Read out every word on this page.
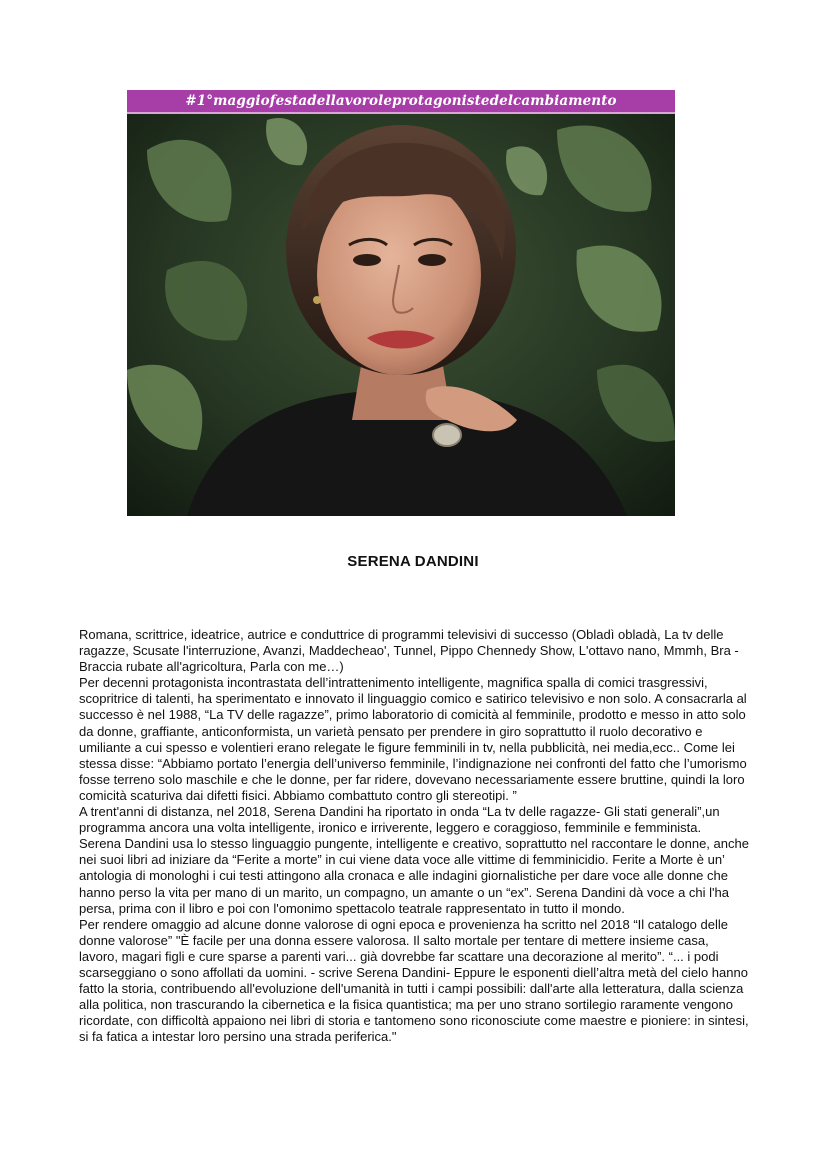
#1°maggiofestadellavoroleprotagonistedelcambiamento
SERENA DANDINI

Romana, scrittrice, ideatrice, autrice e conduttrice di programmi televisivi di successo (Obladì obladà, La tv delle ragazze, Scusate l'interruzione, Avanzi, Maddecheao', Tunnel, Pippo Chennedy Show, L'ottavo nano, Mmmh, Bra - Braccia rubate all'agricoltura, Parla con me…)

Per decenni protagonista incontrastata dell’intrattenimento intelligente, magnifica spalla di comici trasgressivi, scopritrice di talenti, ha sperimentato e innovato il linguaggio comico e satirico televisivo e non solo. A consacrarla al successo è nel 1988, “La TV delle ragazze”, primo laboratorio di comicità al femminile, prodotto e messo in atto solo da donne, graffiante, anticonformista, un varietà pensato per prendere in giro soprattutto il ruolo decorativo e umiliante a cui spesso e volentieri erano relegate le figure femminili in tv, nella pubblicità, nei media,ecc.. Come lei stessa disse: “Abbiamo portato l’energia dell’universo femminile, l’indignazione nei confronti del fatto che l’umorismo fosse terreno solo maschile e che le donne, per far ridere, dovevano necessariamente essere bruttine, quindi la loro comicità scaturiva dai difetti fisici. Abbiamo combattuto contro gli stereotipi. ”

A trent'anni di distanza, nel 2018, Serena Dandini ha riportato in onda “La tv delle ragazze- Gli stati generali”,un programma ancora una volta intelligente, ironico e irriverente, leggero e coraggioso, femminile e femminista.

Serena Dandini usa lo stesso linguaggio pungente, intelligente e creativo, soprattutto nel raccontare le donne, anche nei suoi libri ad iniziare da “Ferite a morte” in cui viene data voce alle vittime di femminicidio. Ferite a Morte è un’ antologia di monologhi i cui testi attingono alla cronaca e alle indagini giornalistiche per dare voce alle donne che hanno perso la vita per mano di un marito, un compagno, un amante o un “ex”. Serena Dandini dà voce a chi l'ha persa, prima con il libro e poi con l'omonimo spettacolo teatrale rappresentato in tutto il mondo.

Per rendere omaggio ad alcune donne valorose di ogni epoca e provenienza ha scritto nel 2018 “Il catalogo delle donne valorose” "È facile per una donna essere valorosa. Il salto mortale per tentare di mettere insieme casa, lavoro, magari figli e cure sparse a parenti vari... già dovrebbe far scattare una decorazione al merito”. “... i podi scarseggiano o sono affollati da uomini. - scrive Serena Dandini- Eppure le esponenti diell’altra metà del cielo hanno fatto la storia, contribuendo all'evoluzione dell'umanità in tutti i campi possibili: dall'arte alla letteratura, dalla scienza alla politica, non trascurando la cibernetica e la fisica quantistica; ma per uno strano sortilegio raramente vengono ricordate, con difficoltà appaiono nei libri di storia e tantomeno sono riconosciute come maestre e pioniere: in sintesi, si fa fatica a intestar loro persino una strada periferica."
